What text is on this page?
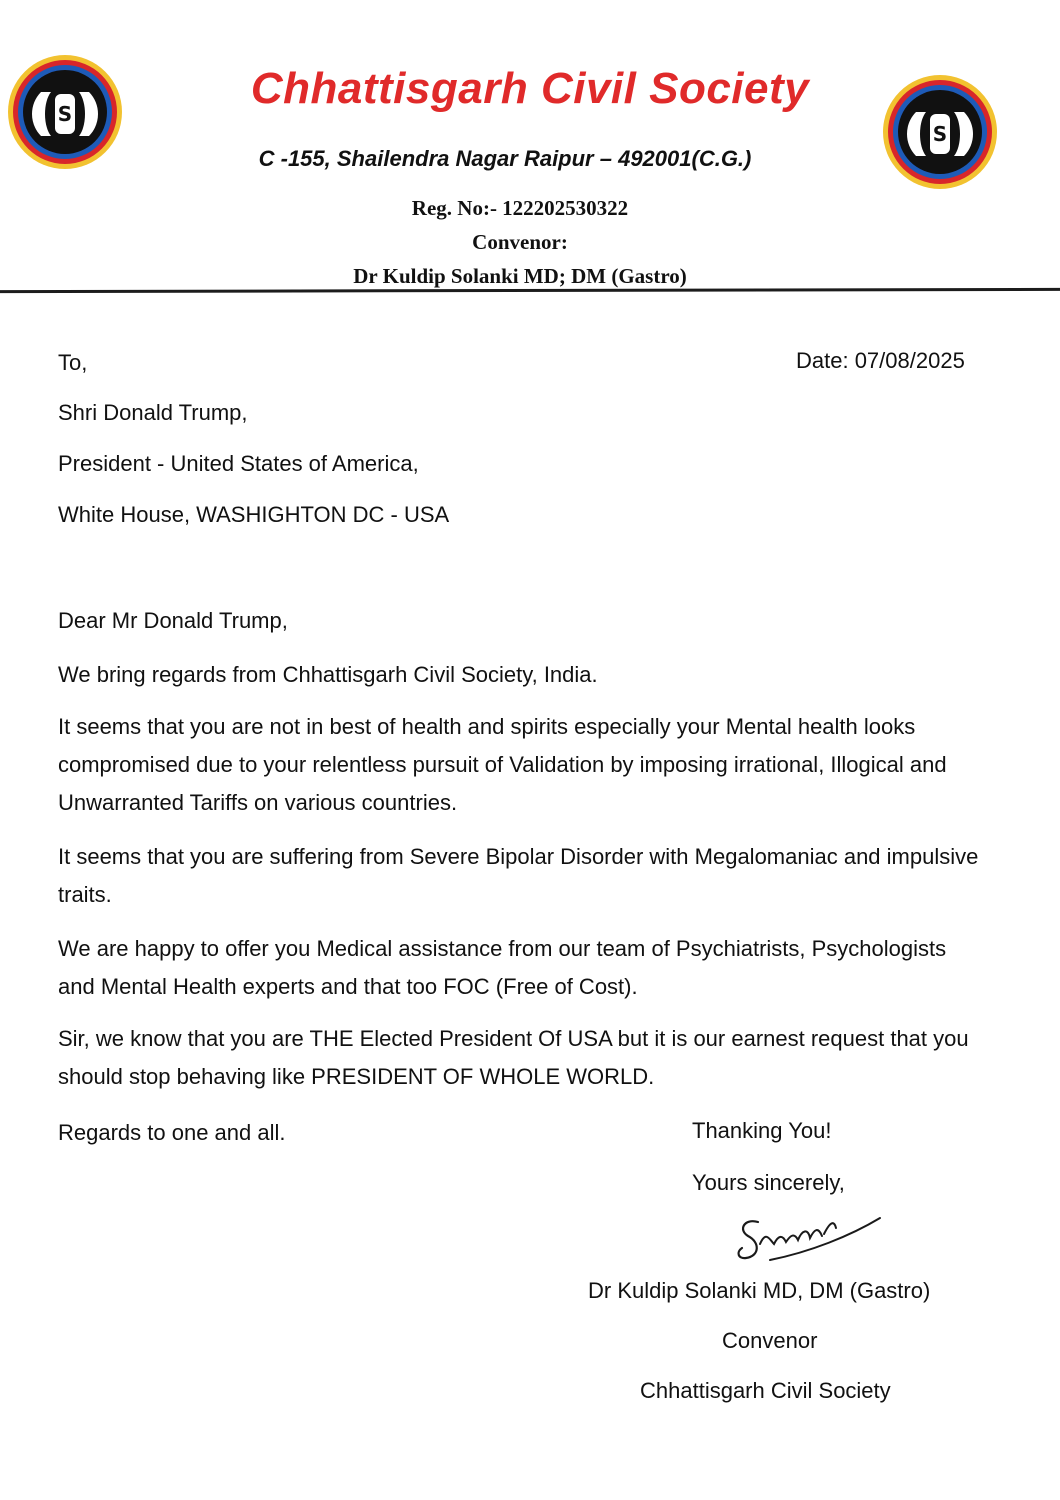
S
S
Chhattisgarh Civil Society
C -155, Shailendra Nagar Raipur – 492001(C.G.)
Reg. No:- 122202530322
Convenor:
Dr Kuldip Solanki MD; DM (Gastro)
Date: 07/08/2025
To,
Shri Donald Trump,
President - United States of America,
White House, WASHIGHTON DC - USA
Dear Mr Donald Trump,
We bring regards from Chhattisgarh Civil Society, India.
It seems that you are not in best of health and spirits especially your Mental health looks compromised due to your relentless pursuit of Validation by imposing irrational, Illogical and Unwarranted Tariffs on various countries.
It seems that you are suffering from Severe Bipolar Disorder with Megalomaniac and impulsive traits.
We are happy to offer you Medical assistance from our team of Psychiatrists, Psychologists and Mental Health experts and that too FOC (Free of Cost).
Sir, we know that you are THE Elected President Of USA but it is our earnest request that you should stop behaving like PRESIDENT OF WHOLE WORLD.
Regards to one and all.	Thanking You!
Yours sincerely,
Dr Kuldip Solanki MD, DM (Gastro)
Convenor
Chhattisgarh Civil Society
